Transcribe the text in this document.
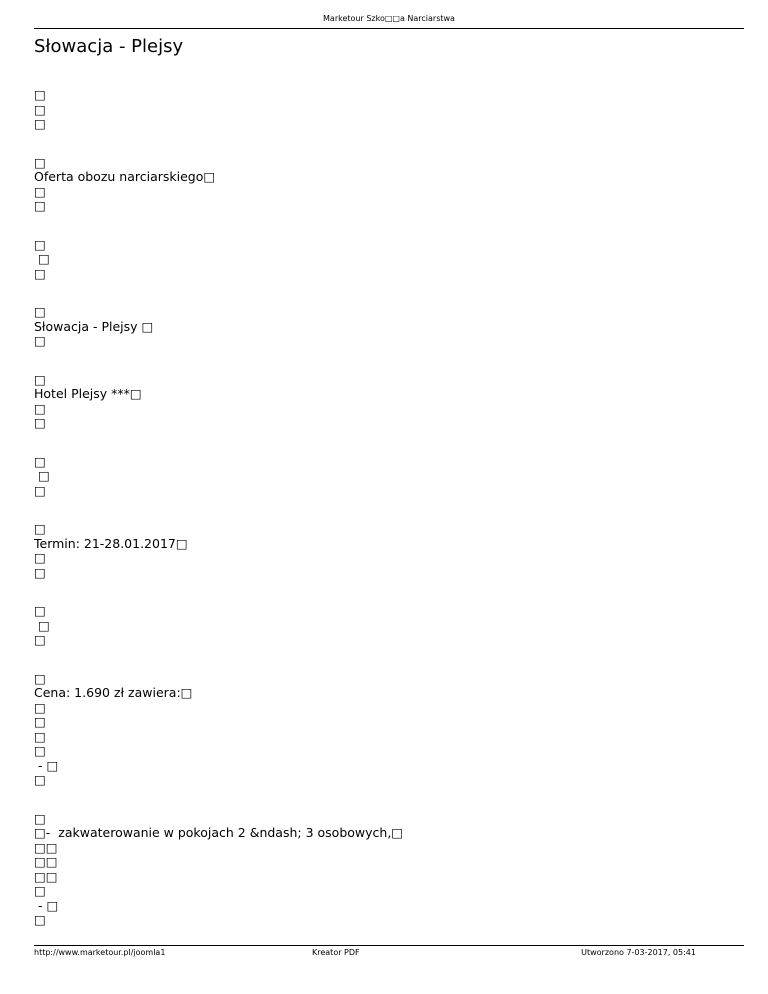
Marketour Szko□□a Narciarstwa
Słowacja - Plejsy
□
□
□
□
Oferta obozu narciarskiego□
□
□
□
□
□
□
Słowacja - Plejsy □
□
□
Hotel Plejsy ***□
□
□
□
□
□
□
Termin: 21-28.01.2017□
□
□
□
□
□
□
Cena: 1.690 zł zawiera:□
□
□
□
□
- □
□
□
□-  zakwaterowanie w pokojach 2 &ndash; 3 osobowych,□
□□
□□
□□
□
- □
□
http://www.marketour.pl/joomla1	Kreator PDF	Utworzono 7-03-2017, 05:41
